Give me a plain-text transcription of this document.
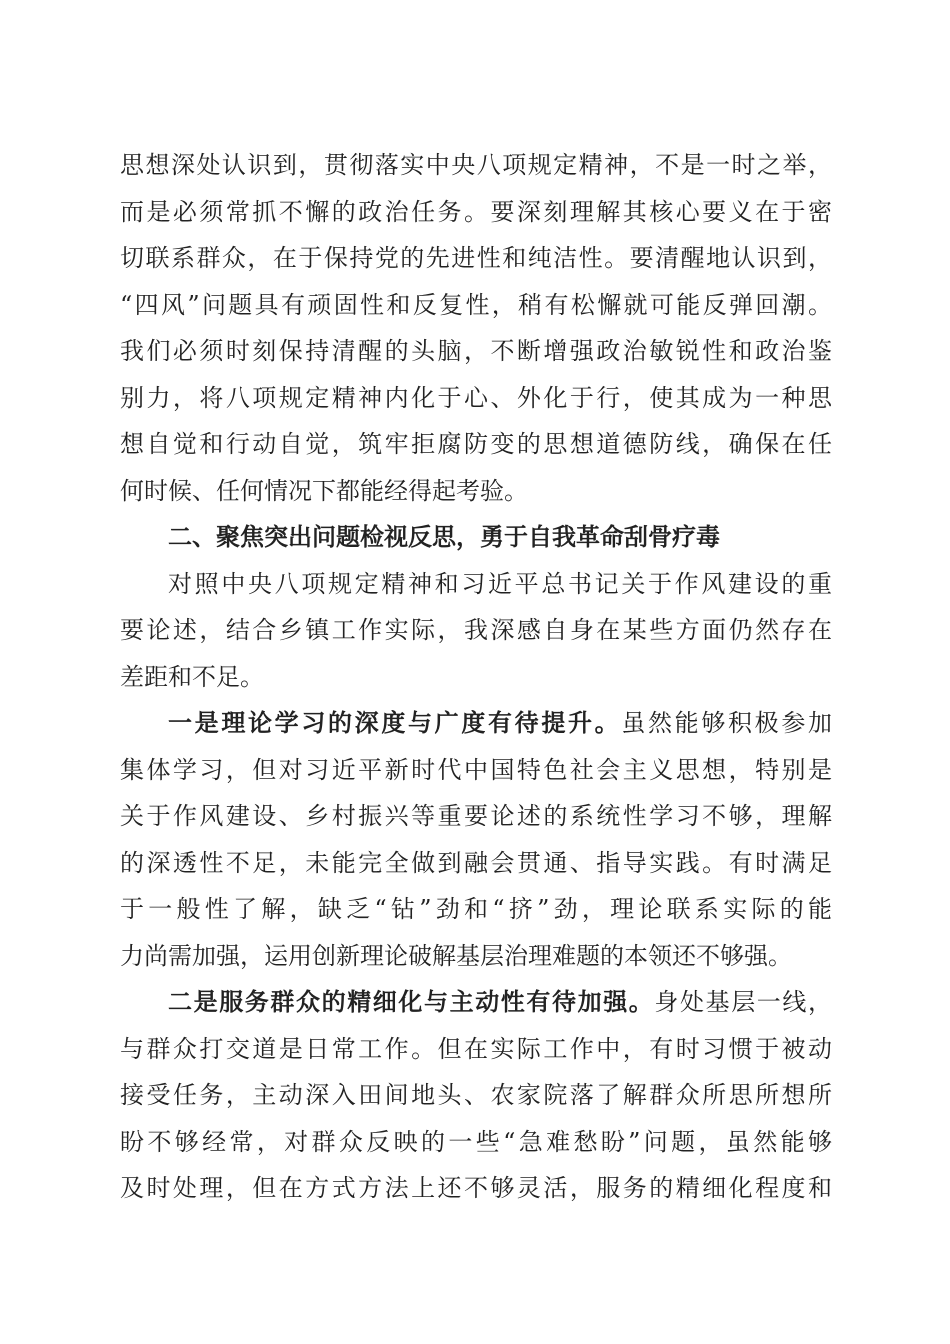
思想深处认识到，贯彻落实中央八项规定精神，不是一时之举，
而是必须常抓不懈的政治任务。要深刻理解其核心要义在于密
切联系群众，在于保持党的先进性和纯洁性。要清醒地认识到，
“四风”问题具有顽固性和反复性，稍有松懈就可能反弹回潮。
我们必须时刻保持清醒的头脑，不断增强政治敏锐性和政治鉴
别力，将八项规定精神内化于心、外化于行，使其成为一种思
想自觉和行动自觉，筑牢拒腐防变的思想道德防线，确保在任
何时候、任何情况下都能经得起考验。
二、聚焦突出问题检视反思，勇于自我革命刮骨疗毒
对照中央八项规定精神和习近平总书记关于作风建设的重
要论述，结合乡镇工作实际，我深感自身在某些方面仍然存在
差距和不足。
一是理论学习的深度与广度有待提升。虽然能够积极参加
集体学习，但对习近平新时代中国特色社会主义思想，特别是
关于作风建设、乡村振兴等重要论述的系统性学习不够，理解
的深透性不足，未能完全做到融会贯通、指导实践。有时满足
于一般性了解，缺乏“钻”劲和“挤”劲，理论联系实际的能
力尚需加强，运用创新理论破解基层治理难题的本领还不够强。
二是服务群众的精细化与主动性有待加强。身处基层一线，
与群众打交道是日常工作。但在实际工作中，有时习惯于被动
接受任务，主动深入田间地头、农家院落了解群众所思所想所
盼不够经常，对群众反映的一些“急难愁盼”问题，虽然能够
及时处理，但在方式方法上还不够灵活，服务的精细化程度和
